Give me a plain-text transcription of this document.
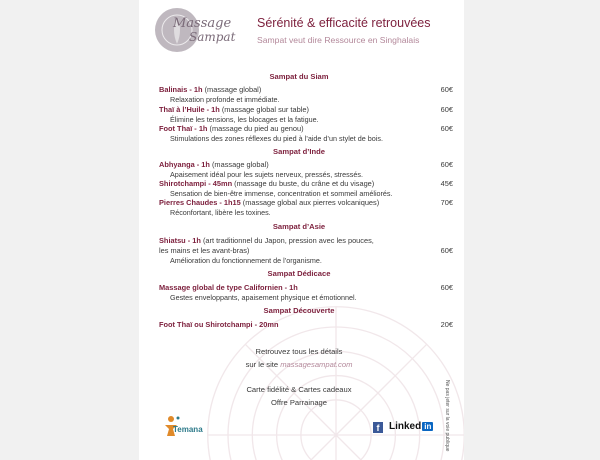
Massage
Sampat
Sérénité & efficacité retrouvées
Sampat veut dire Ressource en Singhalais
Sampat du Siam
Balinais - 1h (massage global)	60€
Relaxation profonde et immédiate.
Thaï à l’Huile - 1h (massage global sur table)	60€
Élimine les tensions, les blocages et la fatigue.
Foot Thaï - 1h (massage du pied au genou)	60€
Stimulations des zones réflexes du pied à l’aide d’un stylet de bois.
Sampat d’Inde
Abhyanga - 1h (massage global)	60€
Apaisement idéal pour les sujets nerveux, pressés, stressés.
Shirotchampi - 45mn (massage du buste, du crâne et du visage)	45€
Sensation de bien-être immense, concentration et sommeil améliorés.
Pierres Chaudes - 1h15 (massage global aux pierres volcaniques)	70€
Réconfortant, libère les toxines.
Sampat d’Asie
Shiatsu - 1h (art traditionnel du Japon, pression avec les pouces,
les mains et les avant-bras)	60€
Amélioration du fonctionnement de l’organisme.
Sampat Dédicace
Massage global de type Californien - 1h	60€
Gestes enveloppants, apaisement physique et émotionnel.
Sampat Découverte
Foot Thaï ou Shirotchampi - 20mn	20€
Retrouvez tous les détails
sur le site massagesampat.com
Carte fidélité & Cartes cadeaux
Offre Parrainage
Temana	f Linked in	Ne pas jeter sur la voie publique
